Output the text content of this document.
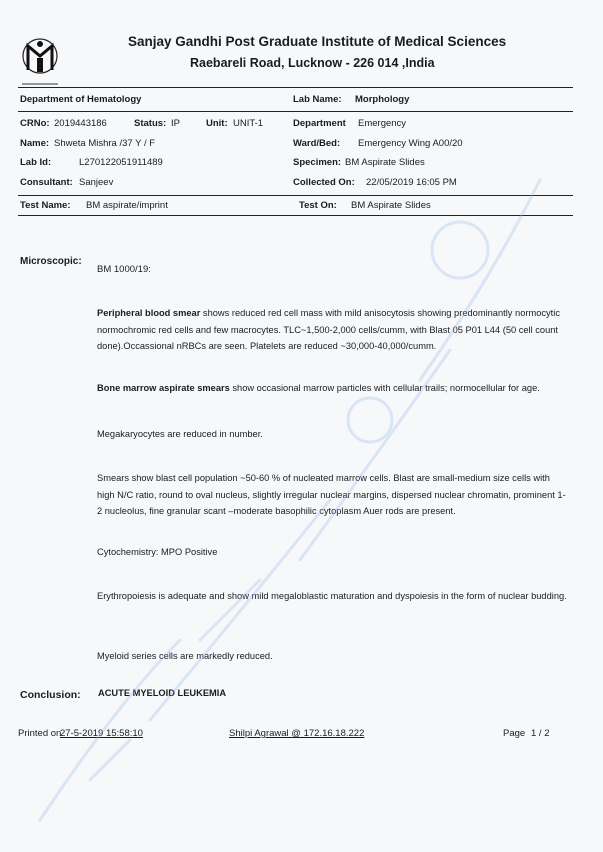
Sanjay Gandhi Post Graduate Institute of Medical Sciences
Raebareli Road, Lucknow - 226 014 ,India
Department of Hematology	Lab Name: Morphology
CRNo: 2019443186	Status: IP	Unit: UNIT-1	Department Emergency
Name: Shweta Mishra /37 Y / F	Ward/Bed: Emergency Wing A00/20
Lab Id:	L270122051911489	Specimen: BM Aspirate Slides
Consultant: Sanjeev	Collected On: 22/05/2019 16:05 PM
Test Name: BM aspirate/imprint	Test On: BM Aspirate Slides
Microscopic:
BM 1000/19:
Peripheral blood smear shows reduced red cell mass with mild anisocytosis showing predominantly normocytic normochromic red cells and few macrocytes. TLC~1,500-2,000 cells/cumm, with Blast 05 P01 L44 (50 cell count done).Occassional nRBCs are seen. Platelets are reduced ~30,000-40,000/cumm.
Bone marrow aspirate smears show occasional marrow particles with cellular trails; normocellular for age.
Megakaryocytes are reduced in number.
Smears show blast cell population ~50-60 % of nucleated marrow cells. Blast are small-medium size cells with high N/C ratio, round to oval nucleus, slightly irregular nuclear margins, dispersed nuclear chromatin, prominent 1-2 nucleolus, fine granular scant –moderate basophilic cytoplasm Auer rods are present.
Cytochemistry: MPO Positive
Erythropoiesis is adequate and show mild megaloblastic maturation and dyspoiesis in the form of nuclear budding.
Myeloid series cells are markedly reduced.
Conclusion: ACUTE MYELOID LEUKEMIA
Printed on
27-5-2019 15:58:10	Shilpi Agrawal @ 172.16.18.222	Page 1 / 2
